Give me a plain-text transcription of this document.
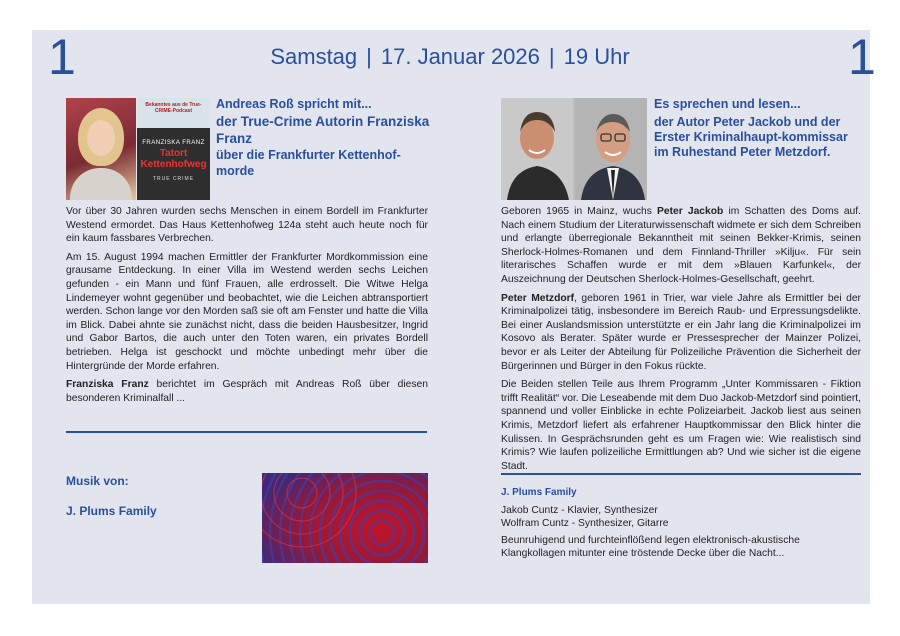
1	1
Samstag | 17. Januar 2026 | 19 Uhr
Bekanntes aus de True-CRIME-Podcast
FRANZISKA FRANZ
Tatort Kettenhofweg
TRUE CRIME
Andreas Roß spricht mit...
der True-Crime Autorin Franziska Franz
über die Frankfurter Kettenhof-morde

Vor über 30 Jahren wurden sechs Menschen in einem Bordell im Frankfurter Westend ermordet. Das Haus Kettenhofweg 124a steht auch heute noch für ein kaum fassbares Verbrechen.

Am 15. August 1994 machen Ermittler der Frankfurter Mordkommission eine grausame Entdeckung. In einer Villa im Westend werden sechs Leichen gefunden - ein Mann und fünf Frauen, alle erdrosselt. Die Witwe Helga Lindemeyer wohnt gegenüber und beobachtet, wie die Leichen abtransportiert werden. Schon lange vor den Morden saß sie oft am Fenster und hatte die Villa im Blick. Dabei ahnte sie zunächst nicht, dass die beiden Hausbesitzer, Ingrid und Gabor Bartos, die auch unter den Toten waren, ein privates Bordell betrieben. Helga ist geschockt und möchte unbedingt mehr über die Hintergründe der Morde erfahren.

Franziska Franz berichtet im Gespräch mit Andreas Roß über diesen besonderen Kriminalfall ...

Musik von:
J. Plums Family
Es sprechen und lesen...
der Autor Peter Jackob und der Erster Kriminalhaupt-kommissar im Ruhestand Peter Metzdorf.

Geboren 1965 in Mainz, wuchs Peter Jackob im Schatten des Doms auf. Nach einem Studium der Literaturwissenschaft widmete er sich dem Schreiben und erlangte überregionale Bekanntheit mit seinen Bekker-Krimis, seinen Sherlock-Holmes-Romanen und dem Finnland-Thriller »Kilju«. Für sein literarisches Schaffen wurde er mit dem »Blauen Karfunkel«, der Auszeichnung der Deutschen Sherlock-Holmes-Gesellschaft, geehrt.

Peter Metzdorf, geboren 1961 in Trier, war viele Jahre als Ermittler bei der Kriminalpolizei tätig, insbesondere im Bereich Raub- und Erpressungsdelikte. Bei einer Auslandsmission unterstützte er ein Jahr lang die Kriminalpolizei im Kosovo als Berater. Später wurde er Pressesprecher der Mainzer Polizei, bevor er als Leiter der Abteilung für Polizeiliche Prävention die Sicherheit der Bürgerinnen und Bürger in den Fokus rückte.

Die Beiden stellen Teile aus Ihrem Programm „Unter Kommissaren - Fiktion trifft Realität“ vor. Die Leseabende mit dem Duo Jackob-Metzdorf sind pointiert, spannend und voller Einblicke in echte Polizeiarbeit. Jackob liest aus seinen Krimis, Metzdorf liefert als erfahrener Hauptkommissar den Blick hinter die Kulissen. In Gesprächsrunden geht es um Fragen wie: Wie realistisch sind Krimis? Wie laufen polizeiliche Ermittlungen ab? Und wie sicher ist die eigene Stadt.

J. Plums Family
Jakob Cuntz - Klavier, Synthesizer
Wolfram Cuntz - Synthesizer, Gitarre
Beunruhigend und furchteinflößend legen elektronisch-akustische Klangkollagen mitunter eine tröstende Decke über die Nacht...
